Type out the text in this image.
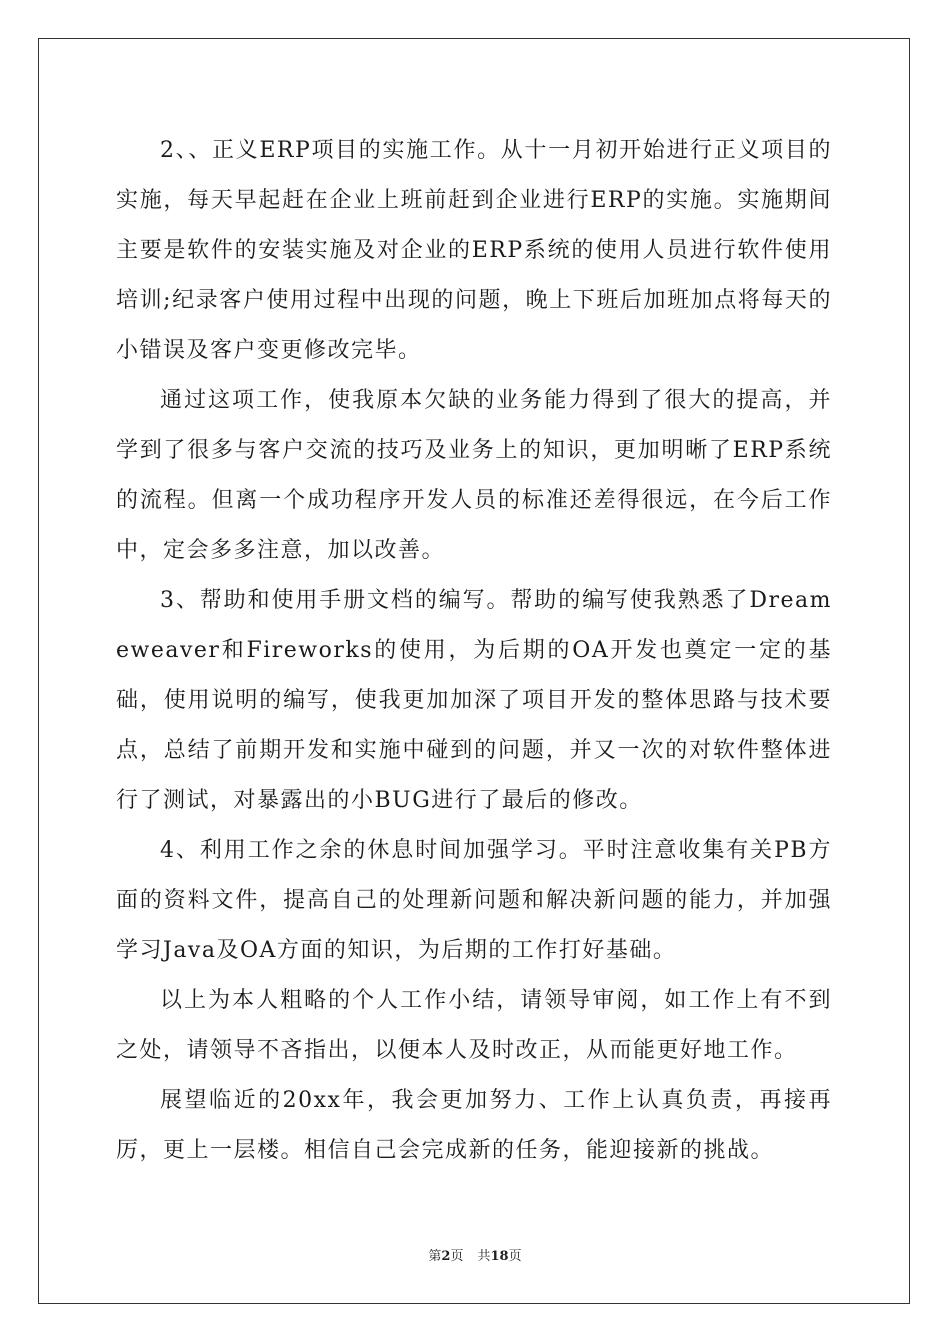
2、、正义ERP项目的实施工作。从十一月初开始进行正义项目的实施，每天早起赶在企业上班前赶到企业进行ERP的实施。实施期间主要是软件的安装实施及对企业的ERP系统的使用人员进行软件使用培训;纪录客户使用过程中出现的问题，晚上下班后加班加点将每天的小错误及客户变更修改完毕。

通过这项工作，使我原本欠缺的业务能力得到了很大的提高，并学到了很多与客户交流的技巧及业务上的知识，更加明晰了ERP系统的流程。但离一个成功程序开发人员的标准还差得很远，在今后工作中，定会多多注意，加以改善。

3、帮助和使用手册文档的编写。帮助的编写使我熟悉了Dreameweaver和Fireworks的使用，为后期的OA开发也奠定一定的基础，使用说明的编写，使我更加加深了项目开发的整体思路与技术要点，总结了前期开发和实施中碰到的问题，并又一次的对软件整体进行了测试，对暴露出的小BUG进行了最后的修改。

4、利用工作之余的休息时间加强学习。平时注意收集有关PB方面的资料文件，提高自己的处理新问题和解决新问题的能力，并加强学习Java及OA方面的知识，为后期的工作打好基础。

以上为本人粗略的个人工作小结，请领导审阅，如工作上有不到之处，请领导不吝指出，以便本人及时改正，从而能更好地工作。

展望临近的20xx年，我会更加努力、工作上认真负责，再接再厉，更上一层楼。相信自己会完成新的任务，能迎接新的挑战。

第2页 共18页
